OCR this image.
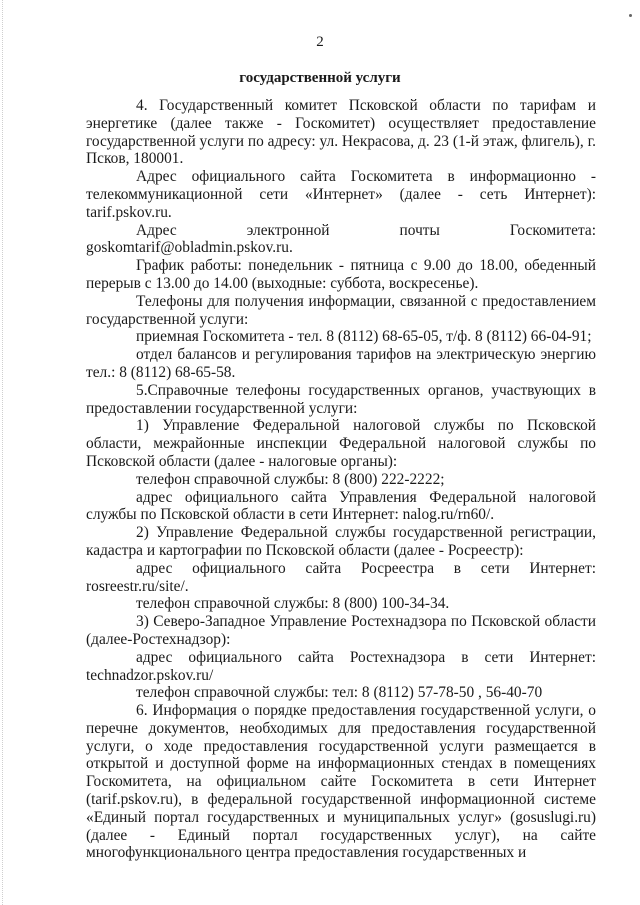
2
государственной услуги

4. Государственный комитет Псковской области по тарифам и энергетике (далее также - Госкомитет) осуществляет предоставление государственной услуги по адресу: ул. Некрасова, д. 23 (1-й этаж, флигель), г. Псков, 180001.

Адрес официального сайта Госкомитета в информационно - телекоммуникационной сети «Интернет» (далее - сеть Интернет): tarif.pskov.ru.

Адрес электронной почты Госкомитета: goskomtarif@obladmin.pskov.ru.

График работы: понедельник - пятница с 9.00 до 18.00, обеденный перерыв с 13.00 до 14.00 (выходные: суббота, воскресенье).

Телефоны для получения информации, связанной с предоставлением государственной услуги:

приемная Госкомитета - тел. 8 (8112) 68-65-05, т/ф. 8 (8112) 66-04-91;

отдел балансов и регулирования тарифов на электрическую энергию тел.: 8 (8112) 68-65-58.

5.Справочные телефоны государственных органов, участвующих в предоставлении государственной услуги:

1) Управление Федеральной налоговой службы по Псковской области, межрайонные инспекции Федеральной налоговой службы по Псковской области (далее - налоговые органы):

телефон справочной службы: 8 (800) 222-2222;

адрес официального сайта Управления Федеральной налоговой службы по Псковской области в сети Интернет: nalog.ru/rn60/.

2) Управление Федеральной службы государственной регистрации, кадастра и картографии по Псковской области (далее - Росреестр):

адрес официального сайта Росреестра в сети Интернет: rosreestr.ru/site/.

телефон справочной службы: 8 (800) 100-34-34.

3) Северо-Западное Управление Ростехнадзора по Псковской области (далее-Ростехнадзор):

адрес официального сайта Ростехнадзора в сети Интернет: technadzor.pskov.ru/

телефон справочной службы: тел: 8 (8112) 57-78-50 , 56-40-70

6. Информация о порядке предоставления государственной услуги, о перечне документов, необходимых для предоставления государственной услуги, о ходе предоставления государственной услуги размещается в открытой и доступной форме на информационных стендах в помещениях Госкомитета, на официальном сайте Госкомитета в сети Интернет (tarif.pskov.ru), в федеральной государственной информационной системе «Единый портал государственных и муниципальных услуг» (gosuslugi.ru) (далее - Единый портал государственных услуг), на сайте многофункционального центра предоставления государственных и
